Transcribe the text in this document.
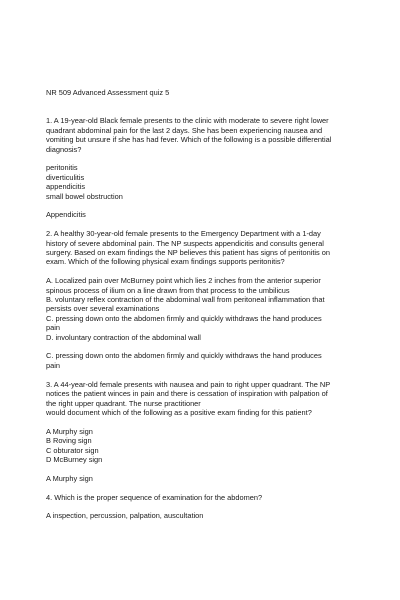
NR 509 Advanced Assessment quiz 5

1. A 19-year-old Black female presents to the clinic with moderate to severe right lower
quadrant abdominal pain for the last 2 days. She has been experiencing nausea and
vomiting but unsure if she has had fever. Which of the following is a possible differential
diagnosis?

peritonitis
diverticulitis
appendicitis
small bowel obstruction

Appendicitis

2. A healthy 30-year-old female presents to the Emergency Department with a 1-day
history of severe abdominal pain. The NP suspects appendicitis and consults general
surgery. Based on exam findings the NP believes this patient has signs of peritonitis on
exam. Which of the following physical exam findings supports peritonitis?

A. Localized pain over McBurney point which lies 2 inches from the anterior superior
spinous process of ilium on a line drawn from that process to the umbilicus
B. voluntary reflex contraction of the abdominal wall from peritoneal inflammation that
persists over several examinations
C. pressing down onto the abdomen firmly and quickly withdraws the hand produces
pain
D. involuntary contraction of the abdominal wall

C. pressing down onto the abdomen firmly and quickly withdraws the hand produces
pain

3. A 44-year-old female presents with nausea and pain to right upper quadrant. The NP
notices the patient winces in pain and there is cessation of inspiration with palpation of
the right upper quadrant. The nurse practitioner
would document which of the following as a positive exam finding for this patient?

A Murphy sign
B Roving sign
C obturator sign
D McBurney sign

A Murphy sign

4. Which is the proper sequence of examination for the abdomen?

A inspection, percussion, palpation, auscultation
